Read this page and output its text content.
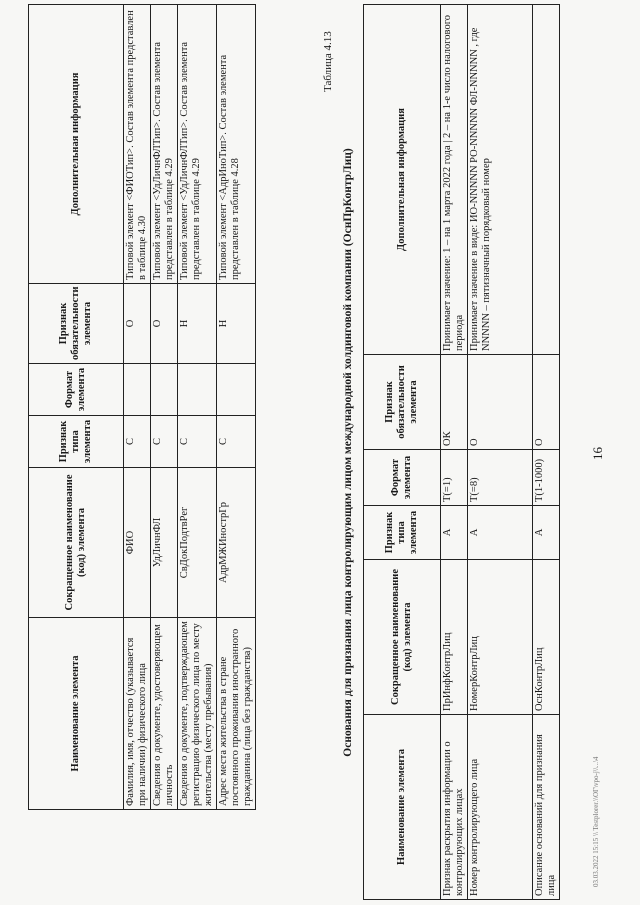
16
Наименование элемента	Сокращенное наименование (код) элемента	Признак типа элемента	Формат элемента	Признак обязательности элемента	Дополнительная информация
Фамилия, имя, отчество (указывается при наличии) физического лица	ФИО	С		О	Типовой элемент <ФИОТип>. Состав элемента представлен в таблице 4.30
Сведения о документе, удостоверяющем личность	УдЛичнФЛ	С		О	Типовой элемент <УдЛичнФЛТип>. Состав элемента представлен в таблице 4.29
Сведения о документе, подтверждающем регистрацию физического лица по месту жительства (месту пребывания)	СвДокПодтвРег	С		Н	Типовой элемент <УдЛичнФЛТип>. Состав элемента представлен в таблице 4.29
Адрес места жительства в стране постоянного проживания иностранного гражданина (лица без гражданства)	АдрМЖИнострГр	С		Н	Типовой элемент <АдрИноТип>. Состав элемента представлен в таблице 4.28
Таблица 4.13
Основания для признания лица контролирующим лицом международной холдинговой компании (ОснПрКонтрЛиц)
Наименование элемента	Сокращенное наименование (код) элемента	Признак типа элемента	Формат элемента	Признак обязательности элемента	Дополнительная информация
Признак раскрытия информации о контролирующих лицах	ПрИнфКонтрЛиц	А	T(=1)	ОК	Принимает значение: 1 – на 1 марта 2022 года | 2 – на 1-е число налогового периода
Номер контролирующего лица	НомерКонтрЛиц	А	T(=8)	О	Принимает значение в виде: ИО-NNNNN РО-NNNNN ФЛ-NNNNN , где NNNNN – пятизначный порядковый номер
Описание оснований для признания лица	ОснКонтрЛиц	А	T(1-1000)	О	
03.03.2022 15:15 \\ Testplorer.\\ОГ\vpo-j\\...\4
